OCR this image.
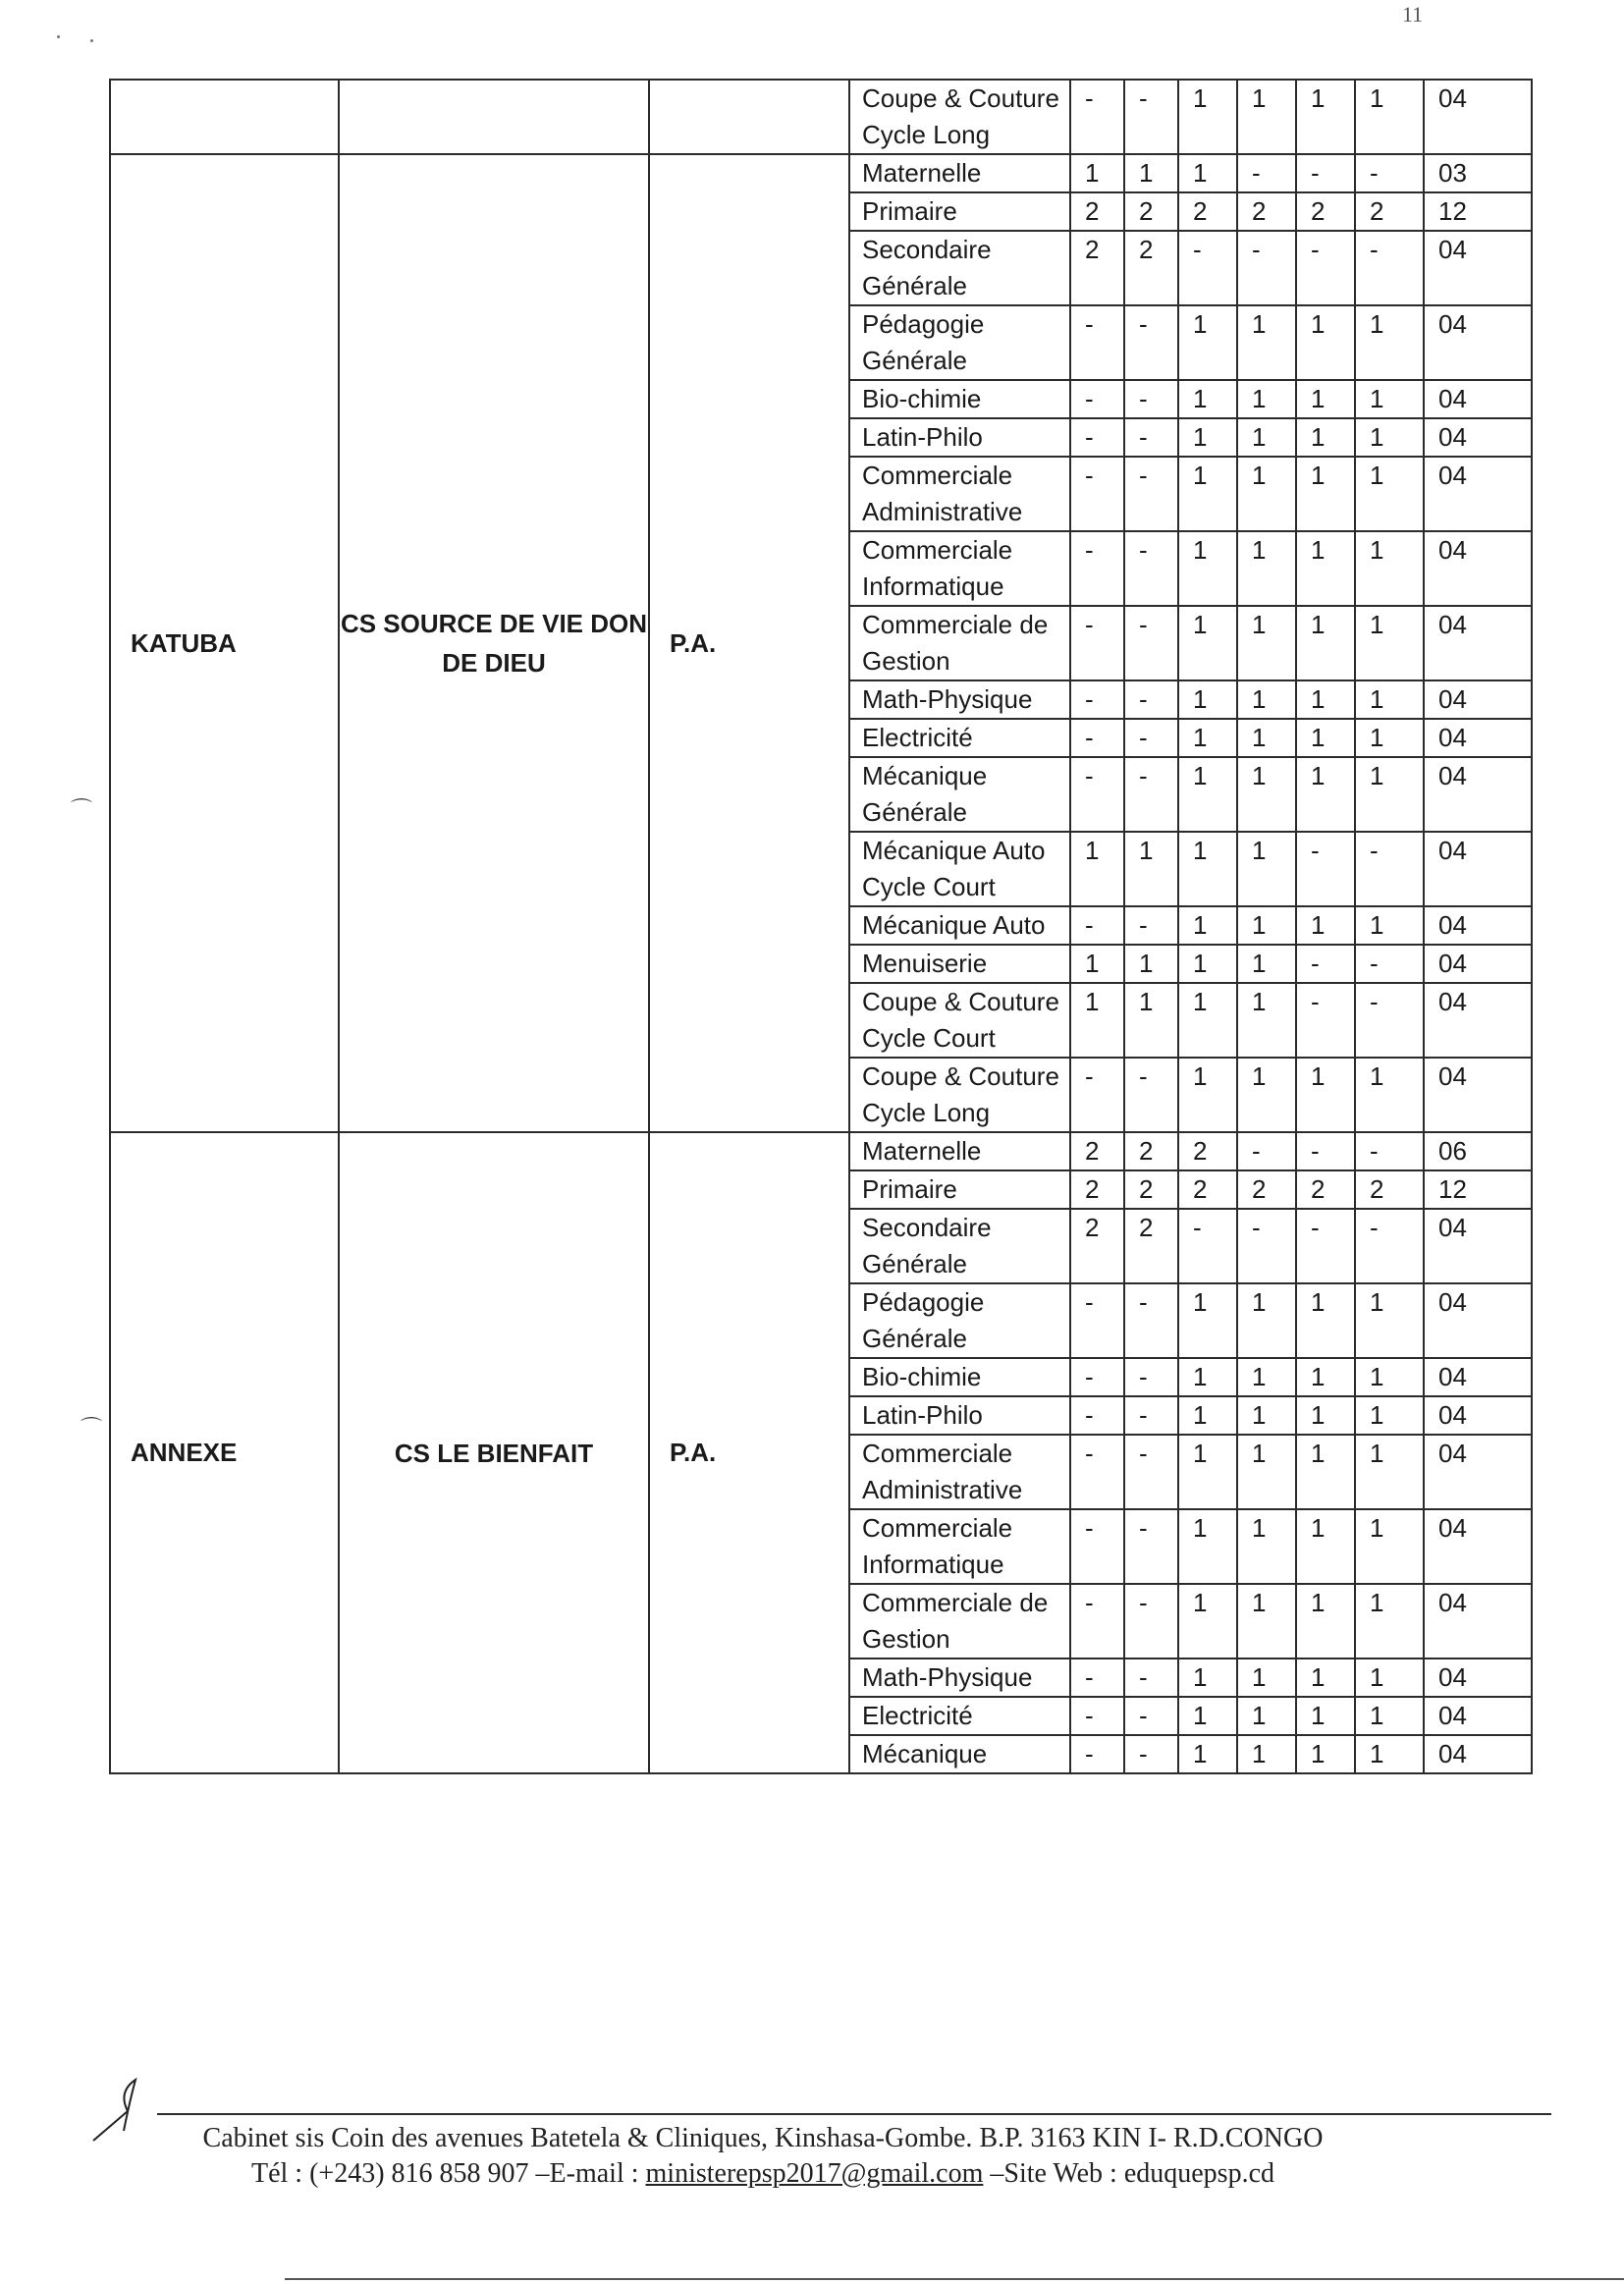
11
⌒
⌒
			Coupe & Couture Cycle Long	-	-	1	1	1	1	04
KATUBA	CS SOURCE DE VIE DON DE DIEU	P.A.	Maternelle	1	1	1	-	-	-	03
			Primaire	2	2	2	2	2	2	12
			Secondaire Générale	2	2	-	-	-	-	04
			Pédagogie Générale	-	-	1	1	1	1	04
			Bio-chimie	-	-	1	1	1	1	04
			Latin-Philo	-	-	1	1	1	1	04
			Commerciale Administrative	-	-	1	1	1	1	04
			Commerciale Informatique	-	-	1	1	1	1	04
			Commerciale de Gestion	-	-	1	1	1	1	04
			Math-Physique	-	-	1	1	1	1	04
			Electricité	-	-	1	1	1	1	04
			Mécanique Générale	-	-	1	1	1	1	04
			Mécanique Auto Cycle Court	1	1	1	1	-	-	04
			Mécanique Auto	-	-	1	1	1	1	04
			Menuiserie	1	1	1	1	-	-	04
			Coupe & Couture Cycle Court	1	1	1	1	-	-	04
			Coupe & Couture Cycle Long	-	-	1	1	1	1	04
ANNEXE	CS LE BIENFAIT	P.A.	Maternelle	2	2	2	-	-	-	06
			Primaire	2	2	2	2	2	2	12
			Secondaire Générale	2	2	-	-	-	-	04
			Pédagogie Générale	-	-	1	1	1	1	04
			Bio-chimie	-	-	1	1	1	1	04
			Latin-Philo	-	-	1	1	1	1	04
			Commerciale Administrative	-	-	1	1	1	1	04
			Commerciale Informatique	-	-	1	1	1	1	04
			Commerciale de Gestion	-	-	1	1	1	1	04
			Math-Physique	-	-	1	1	1	1	04
			Electricité	-	-	1	1	1	1	04
			Mécanique	-	-	1	1	1	1	04
Cabinet sis Coin des avenues Batetela & Cliniques, Kinshasa-Gombe. B.P. 3163 KIN I- R.D.CONGO
Tél : (+243) 816 858 907 –E-mail : ministerepsp2017@gmail.com –Site Web : eduquepsp.cd
